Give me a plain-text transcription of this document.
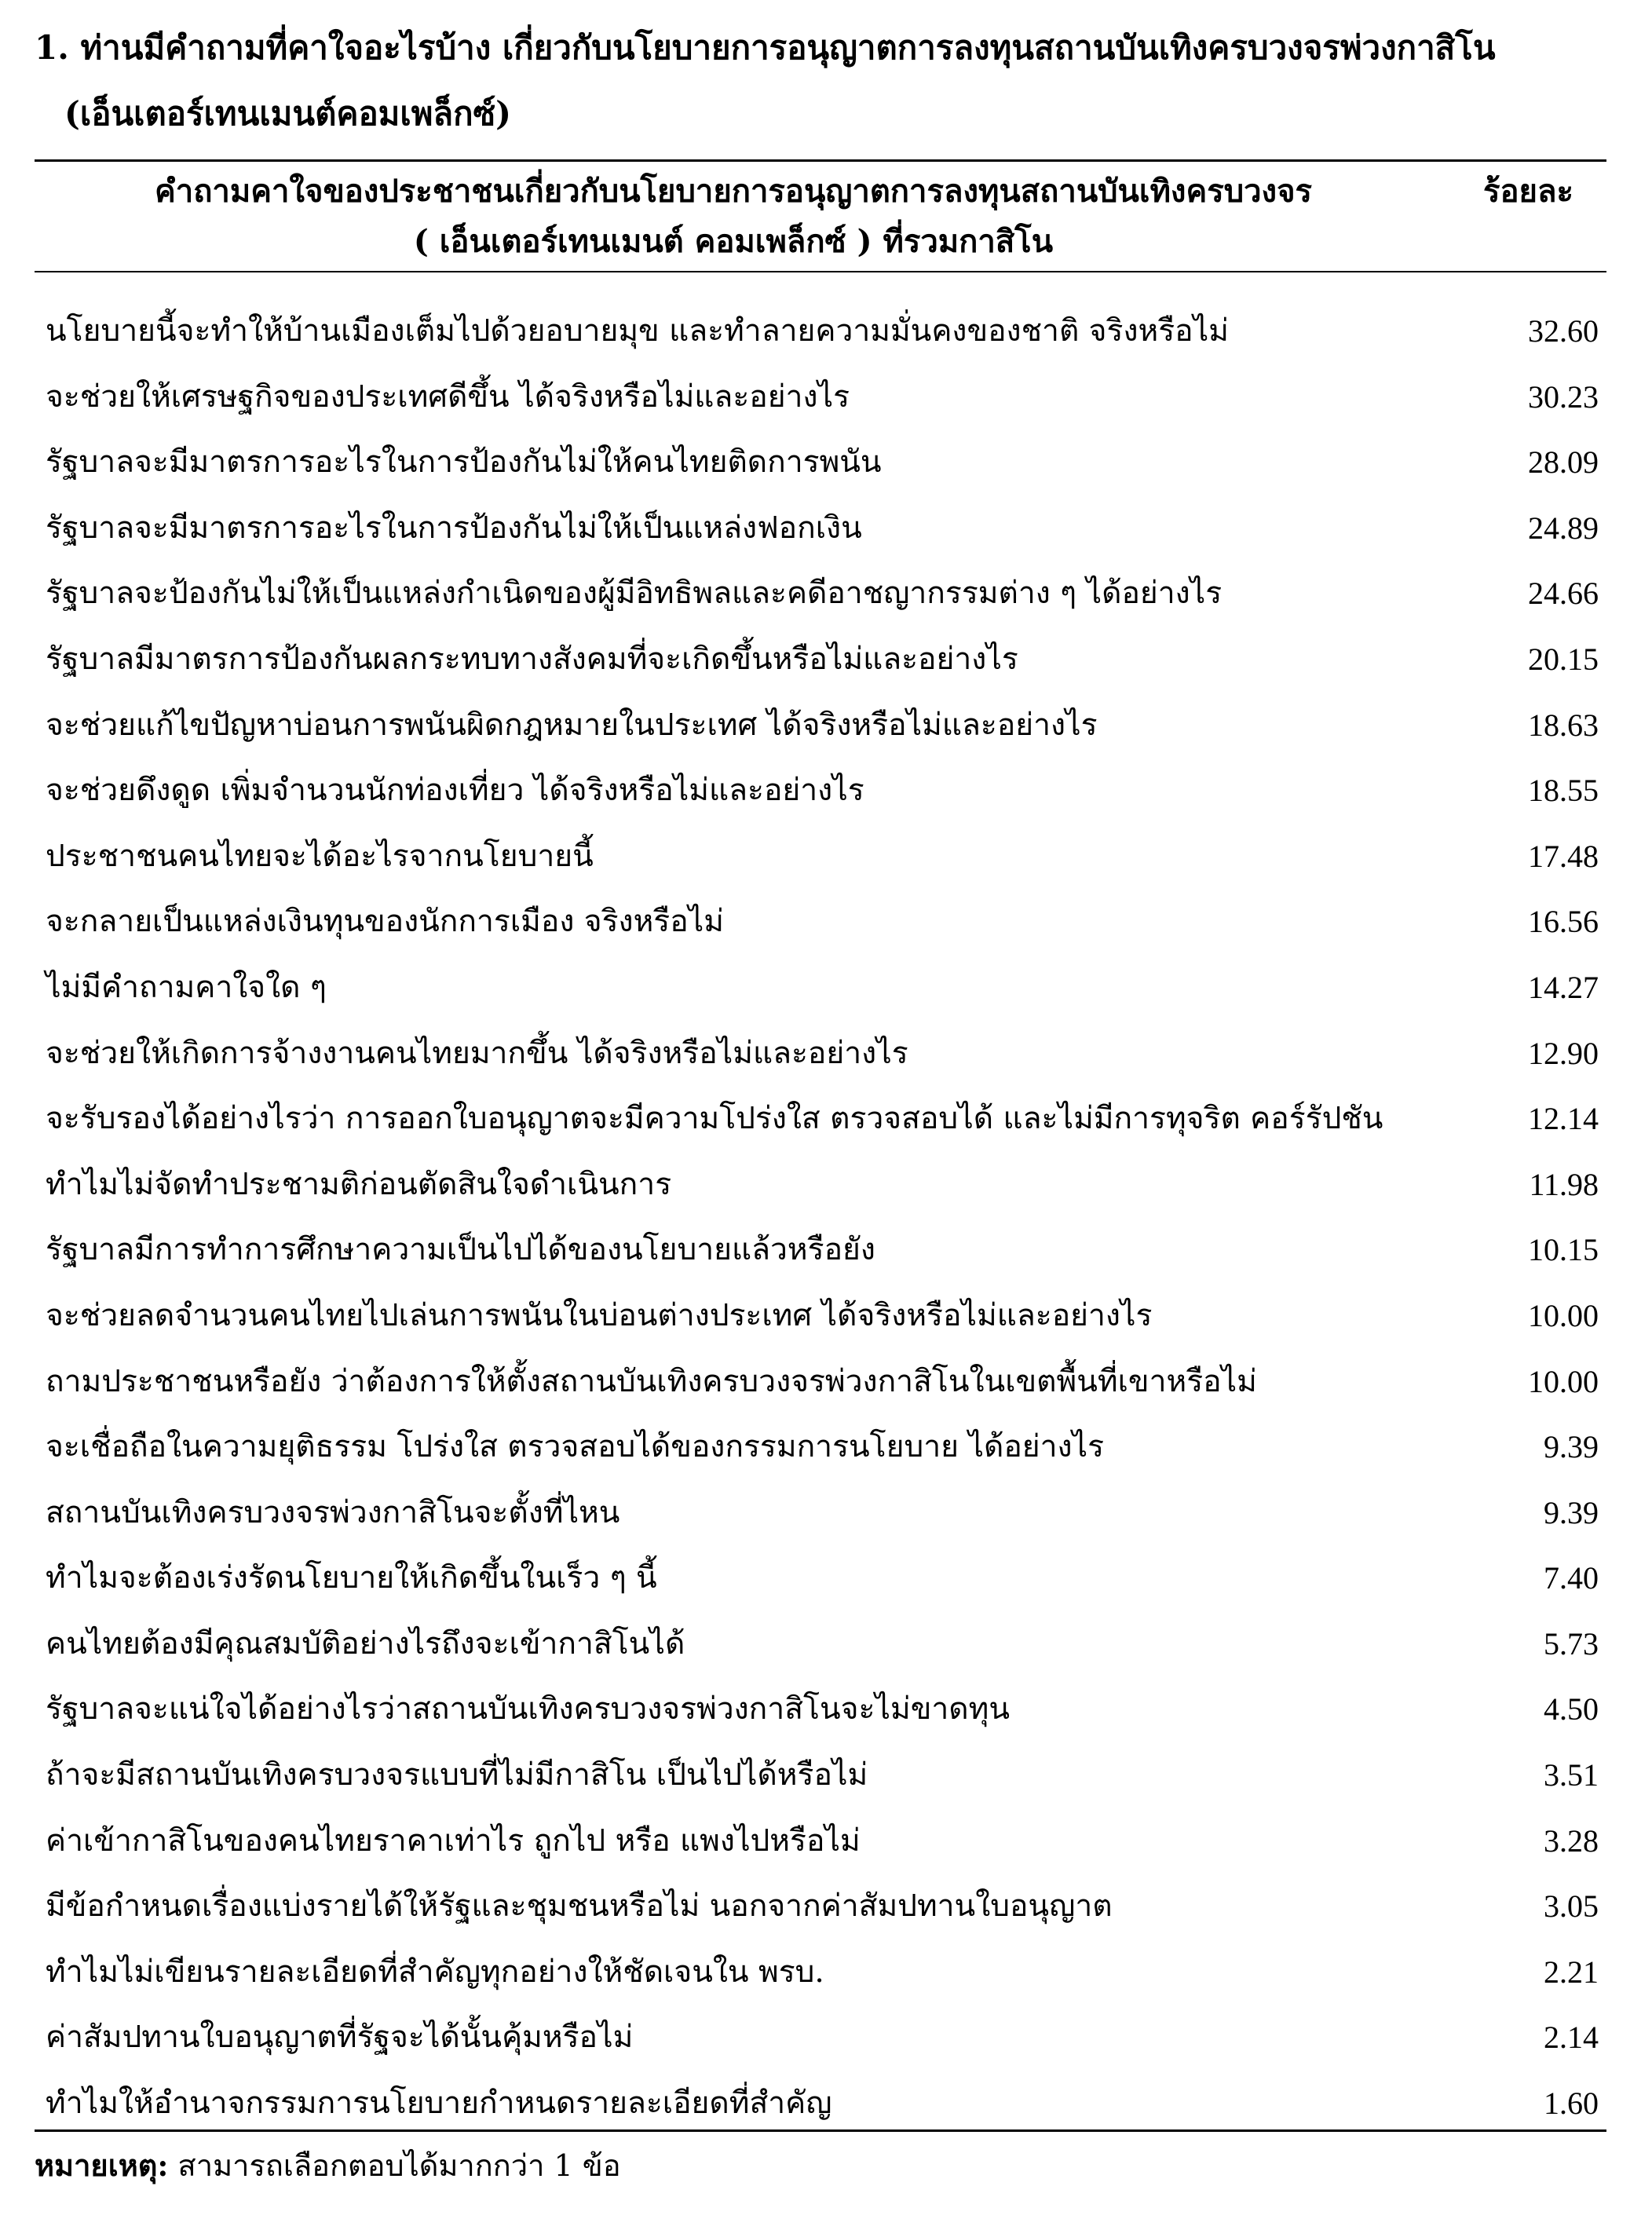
1. ท่านมีคำถามที่คาใจอะไรบ้าง เกี่ยวกับนโยบายการอนุญาตการลงทุนสถานบันเทิงครบวงจรพ่วงกาสิโน
(เอ็นเตอร์เทนเมนต์คอมเพล็กซ์)
คำถามคาใจของประชาชนเกี่ยวกับนโยบายการอนุญาตการลงทุนสถานบันเทิงครบวงจร
( เอ็นเตอร์เทนเมนต์ คอมเพล็กซ์ ) ที่รวมกาสิโน
ร้อยละ
นโยบายนี้จะทำให้บ้านเมืองเต็มไปด้วยอบายมุข และทำลายความมั่นคงของชาติ จริงหรือไม่	32.60
จะช่วยให้เศรษฐกิจของประเทศดีขึ้น ได้จริงหรือไม่และอย่างไร	30.23
รัฐบาลจะมีมาตรการอะไรในการป้องกันไม่ให้คนไทยติดการพนัน	28.09
รัฐบาลจะมีมาตรการอะไรในการป้องกันไม่ให้เป็นแหล่งฟอกเงิน	24.89
รัฐบาลจะป้องกันไม่ให้เป็นแหล่งกำเนิดของผู้มีอิทธิพลและคดีอาชญากรรมต่าง ๆ ได้อย่างไร	24.66
รัฐบาลมีมาตรการป้องกันผลกระทบทางสังคมที่จะเกิดขึ้นหรือไม่และอย่างไร	20.15
จะช่วยแก้ไขปัญหาบ่อนการพนันผิดกฎหมายในประเทศ ได้จริงหรือไม่และอย่างไร	18.63
จะช่วยดึงดูด เพิ่มจำนวนนักท่องเที่ยว ได้จริงหรือไม่และอย่างไร	18.55
ประชาชนคนไทยจะได้อะไรจากนโยบายนี้	17.48
จะกลายเป็นแหล่งเงินทุนของนักการเมือง จริงหรือไม่	16.56
ไม่มีคำถามคาใจใด ๆ	14.27
จะช่วยให้เกิดการจ้างงานคนไทยมากขึ้น ได้จริงหรือไม่และอย่างไร	12.90
จะรับรองได้อย่างไรว่า การออกใบอนุญาตจะมีความโปร่งใส ตรวจสอบได้ และไม่มีการทุจริต คอร์รัปชัน	12.14
ทำไมไม่จัดทำประชามติก่อนตัดสินใจดำเนินการ	11.98
รัฐบาลมีการทำการศึกษาความเป็นไปได้ของนโยบายแล้วหรือยัง	10.15
จะช่วยลดจำนวนคนไทยไปเล่นการพนันในบ่อนต่างประเทศ ได้จริงหรือไม่และอย่างไร	10.00
ถามประชาชนหรือยัง ว่าต้องการให้ตั้งสถานบันเทิงครบวงจรพ่วงกาสิโนในเขตพื้นที่เขาหรือไม่	10.00
จะเชื่อถือในความยุติธรรม โปร่งใส ตรวจสอบได้ของกรรมการนโยบาย ได้อย่างไร	9.39
สถานบันเทิงครบวงจรพ่วงกาสิโนจะตั้งที่ไหน	9.39
ทำไมจะต้องเร่งรัดนโยบายให้เกิดขึ้นในเร็ว ๆ นี้	7.40
คนไทยต้องมีคุณสมบัติอย่างไรถึงจะเข้ากาสิโนได้	5.73
รัฐบาลจะแน่ใจได้อย่างไรว่าสถานบันเทิงครบวงจรพ่วงกาสิโนจะไม่ขาดทุน	4.50
ถ้าจะมีสถานบันเทิงครบวงจรแบบที่ไม่มีกาสิโน เป็นไปได้หรือไม่	3.51
ค่าเข้ากาสิโนของคนไทยราคาเท่าไร ถูกไป หรือ แพงไปหรือไม่	3.28
มีข้อกำหนดเรื่องแบ่งรายได้ให้รัฐและชุมชนหรือไม่ นอกจากค่าสัมปทานใบอนุญาต	3.05
ทำไมไม่เขียนรายละเอียดที่สำคัญทุกอย่างให้ชัดเจนใน พรบ.	2.21
ค่าสัมปทานใบอนุญาตที่รัฐจะได้นั้นคุ้มหรือไม่	2.14
ทำไมให้อำนาจกรรมการนโยบายกำหนดรายละเอียดที่สำคัญ	1.60
หมายเหตุ: สามารถเลือกตอบได้มากกว่า 1 ข้อ
